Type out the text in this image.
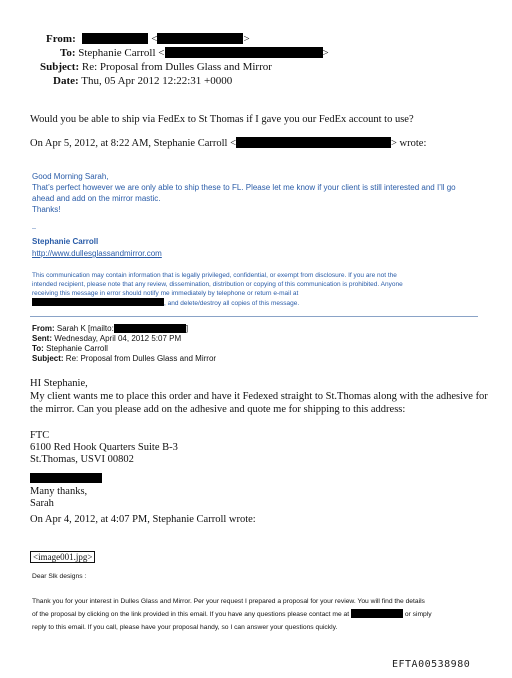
From:	<	>
To: Stephanie Carroll <	>
Subject: Re: Proposal from Dulles Glass and Mirror
Date: Thu, 05 Apr 2012 12:22:31 +0000
Would you be able to ship via FedEx to St Thomas if I gave you our FedEx account to use?
On Apr 5, 2012, at 8:22 AM, Stephanie Carroll <	> wrote:
Good Morning Sarah,
That’s perfect however we are only able to ship these to FL. Please let me know if your client is still interested and I’ll go
ahead and add on the mirror mastic.
Thanks!
--
Stephanie Carroll
http://www.dullesglassandmirror.com
This communication may contain information that is legally privileged, confidential, or exempt from disclosure. If you are not the
intended recipient, please note that any review, dissemination, distribution or copying of this communication is prohibited. Anyone
receiving this message in error should notify me immediately by telephone or return e-mail at
, and delete/destroy all copies of this message.
From: Sarah K [mailto:	]
Sent: Wednesday, April 04, 2012 5:07 PM
To: Stephanie Carroll
Subject: Re: Proposal from Dulles Glass and Mirror
HI Stephanie,
My client wants me to place this order and have it Fedexed straight to St.Thomas along with the adhesive for
the mirror. Can you please add on the adhesive and quote me for shipping to this address:
FTC
6100 Red Hook Quarters Suite B-3
St.Thomas, USVI 00802
Many thanks,
Sarah
On Apr 4, 2012, at 4:07 PM, Stephanie Carroll wrote:
<image001.jpg>
Dear Slk designs :
Thank you for your interest in Dulles Glass and Mirror. Per your request I prepared a proposal for your review. You will find the details
of the proposal by clicking on the link provided in this email. If you have any questions please contact me at	or simply
reply to this email. If you call, please have your proposal handy, so I can answer your questions quickly.
EFTA00538980
